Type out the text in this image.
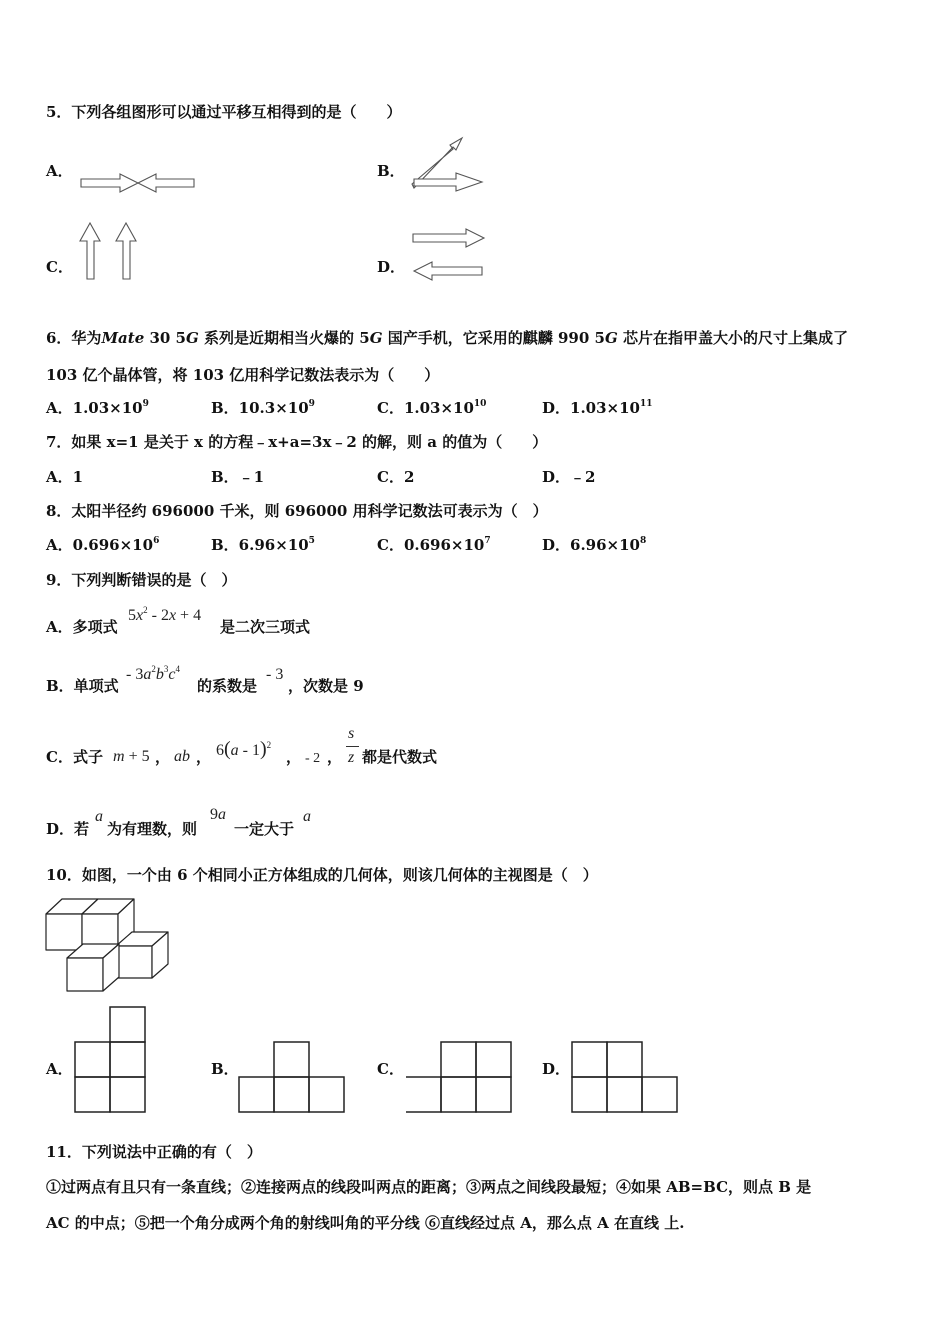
5．下列各组图形可以通过平移互相得到的是（　　）
A．	B．
C．	D．
6．华为Mate 30 5G 系列是近期相当火爆的 5G 国产手机，它采用的麒麟 990 5G 芯片在指甲盖大小的尺寸上集成了
103 亿个晶体管，将 103 亿用科学记数法表示为（　　）
A．$1.03\times 10^9$	B．$10.3\times 10^9$	C．$1.03\times 10^{10}$	D．$1.03\times 10^{11}$
7．如果 x=1 是关于 x 的方程﹣x+a=3x﹣2 的解，则 a 的值为（　　）
A．1	B．﹣1	C．2	D．﹣2
8．太阳半径约 696000 千米，则 696000 用科学记数法可表示为（　）
A．$0.696\times 10^6$	B．$6.96\times 10^5$	C．$0.696\times 10^7$	D．$6.96\times 10^8$
9．下列判断错误的是（　）
A．多项式
$5x^2 - 2x + 4$
是二次三项式
B．单项式
- $3a^2b^3c^4$
的系数是
- 3
，次数是 9
C．式子 m + 5 ， ab ， 6(a - 1)$^2$
， - 2 ，
s
z 都是代数式
D．若
a
为有理数，则
9a
一定大于
a
10．如图，一个由 6 个相同小正方体组成的几何体，则该几何体的主视图是（　）
A．	B．	C．	D．
11．下列说法中正确的有（　）
①过两点有且只有一条直线；②连接两点的线段叫两点的距离；③两点之间线段最短；④如果 AB=BC，则点 B 是
AC 的中点；⑤把一个角分成两个角的射线叫角的平分线 ⑥直线经过点 A，那么点 A 在直线 上.
